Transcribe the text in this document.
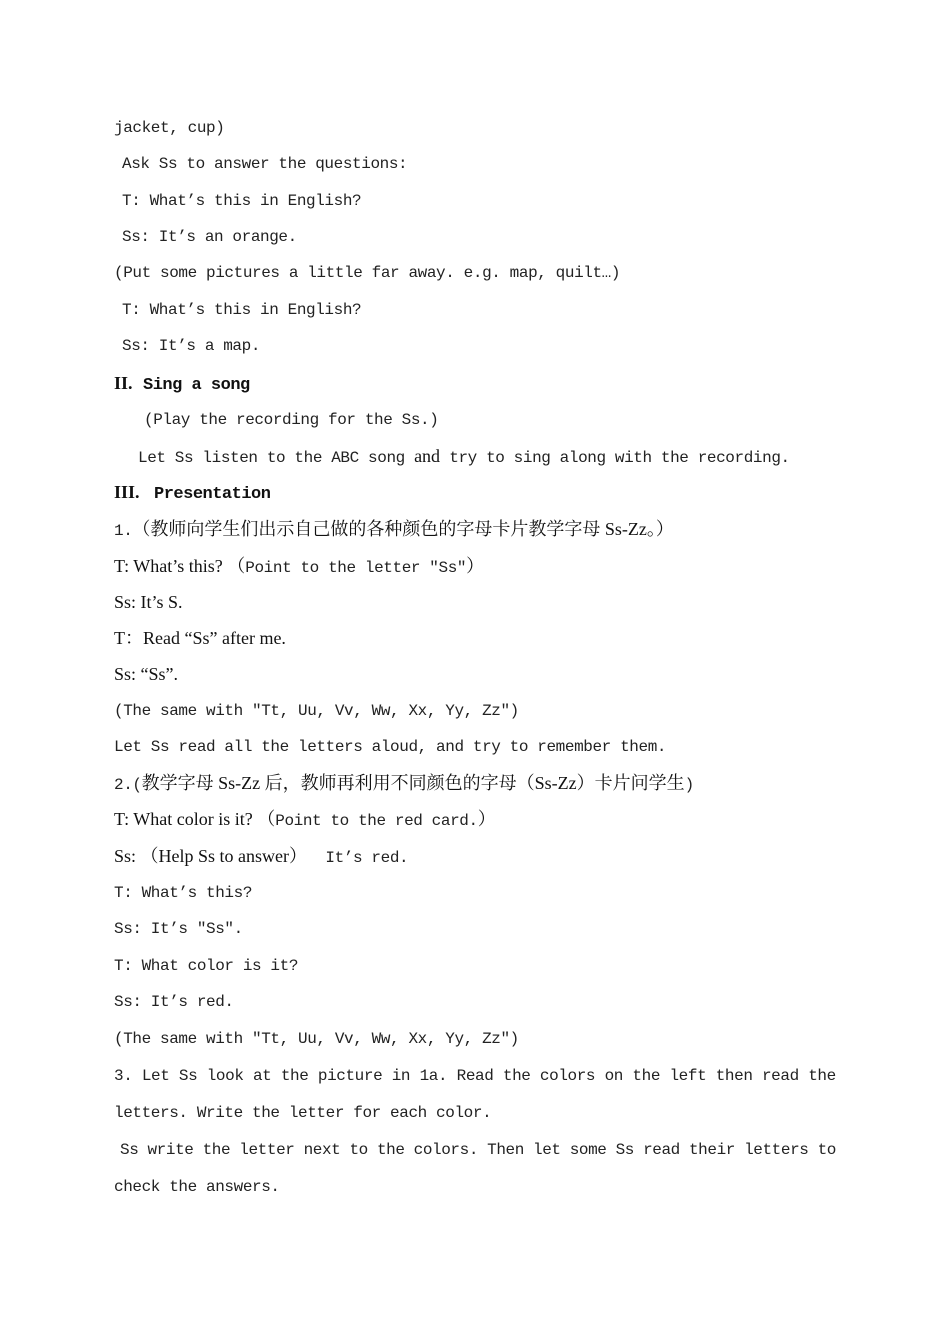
jacket, cup)
Ask Ss to answer the questions:
T: What’s this in English?
Ss: It’s an orange.
(Put some pictures a little far away. e.g. map, quilt…)
T: What’s this in English?
Ss: It’s a map.
II. Sing a song
(Play the recording for the Ss.)
Let Ss listen to the ABC song and try to sing along with the recording.
III. Presentation
1.（教师向学生们出示自己做的各种颜色的字母卡片教学字母 Ss-Zz。）
T: What’s this? （Point to the letter "Ss"）
Ss: It’s S.
T：Read “Ss” after me.
Ss: “Ss”.
(The same with "Tt, Uu, Vv, Ww, Xx, Yy, Zz")
Let Ss read all the letters aloud, and try to remember them.
2.(教学字母 Ss-Zz 后，教师再利用不同颜色的字母（Ss-Zz）卡片问学生)
T: What color is it? （Point to the red card.）
Ss: （Help Ss to answer）  It’s red.
T: What’s this?
Ss: It’s "Ss".
T: What color is it?
Ss: It’s red.
(The same with "Tt, Uu, Vv, Ww, Xx, Yy, Zz")
3. Let Ss look at the picture in 1a. Read the colors on the left then read the
letters. Write the letter for each color.
Ss write the letter next to the colors. Then let some Ss read their letters to
check the answers.
